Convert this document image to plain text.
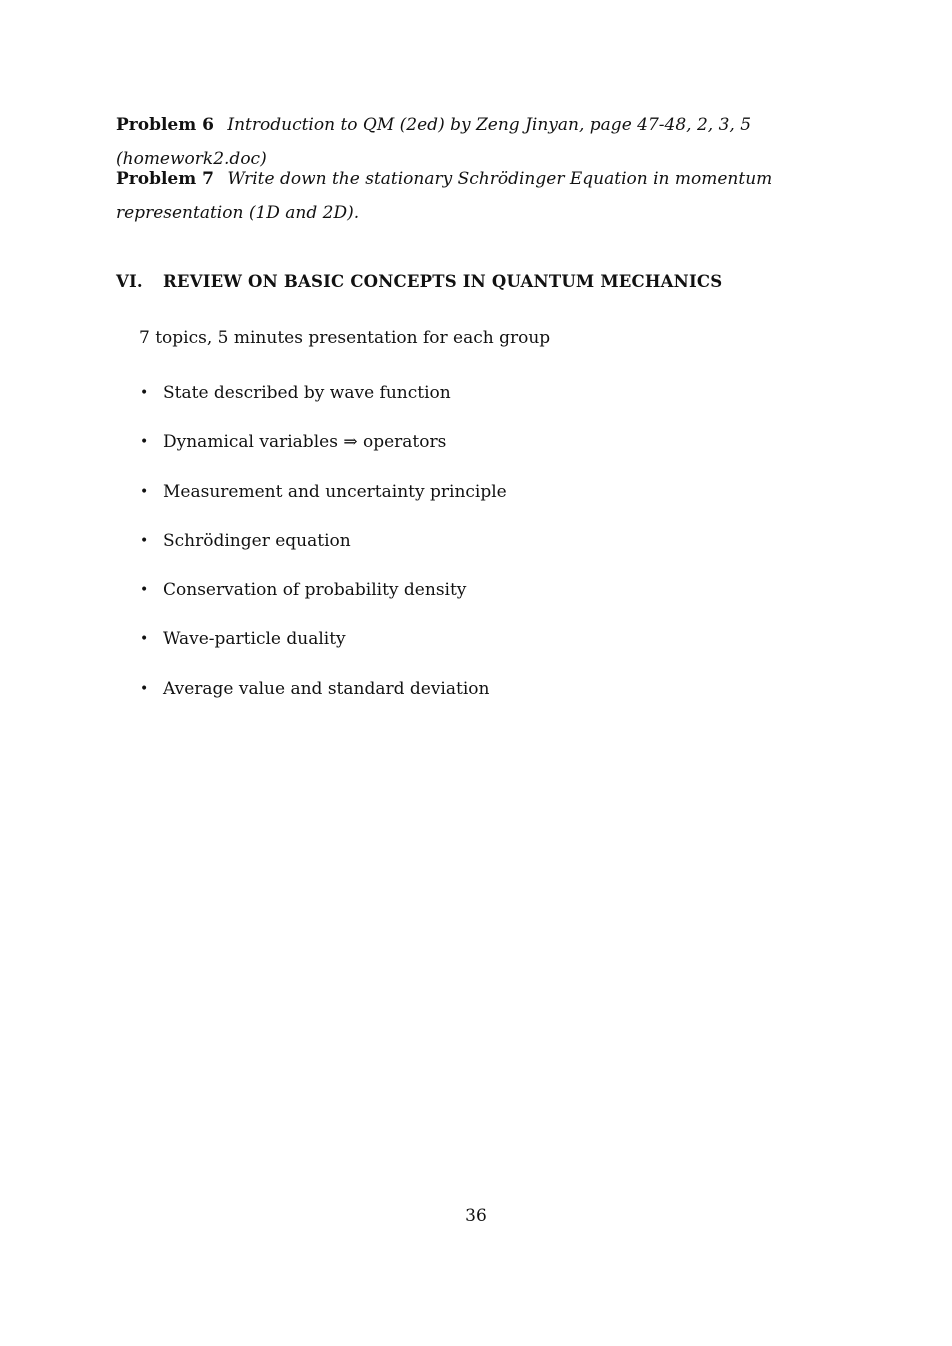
Problem 6 Introduction to QM (2ed) by Zeng Jinyan, page 47-48, 2, 3, 5 (homework2.doc)

Problem 7 Write down the stationary Schrödinger Equation in momentum representation (1D and 2D).

VI. REVIEW ON BASIC CONCEPTS IN QUANTUM MECHANICS
7 topics, 5 minutes presentation for each group
• State described by wave function
• Dynamical variables ⇒ operators
• Measurement and uncertainty principle
• Schrödinger equation
• Conservation of probability density
• Wave-particle duality
• Average value and standard deviation
36
